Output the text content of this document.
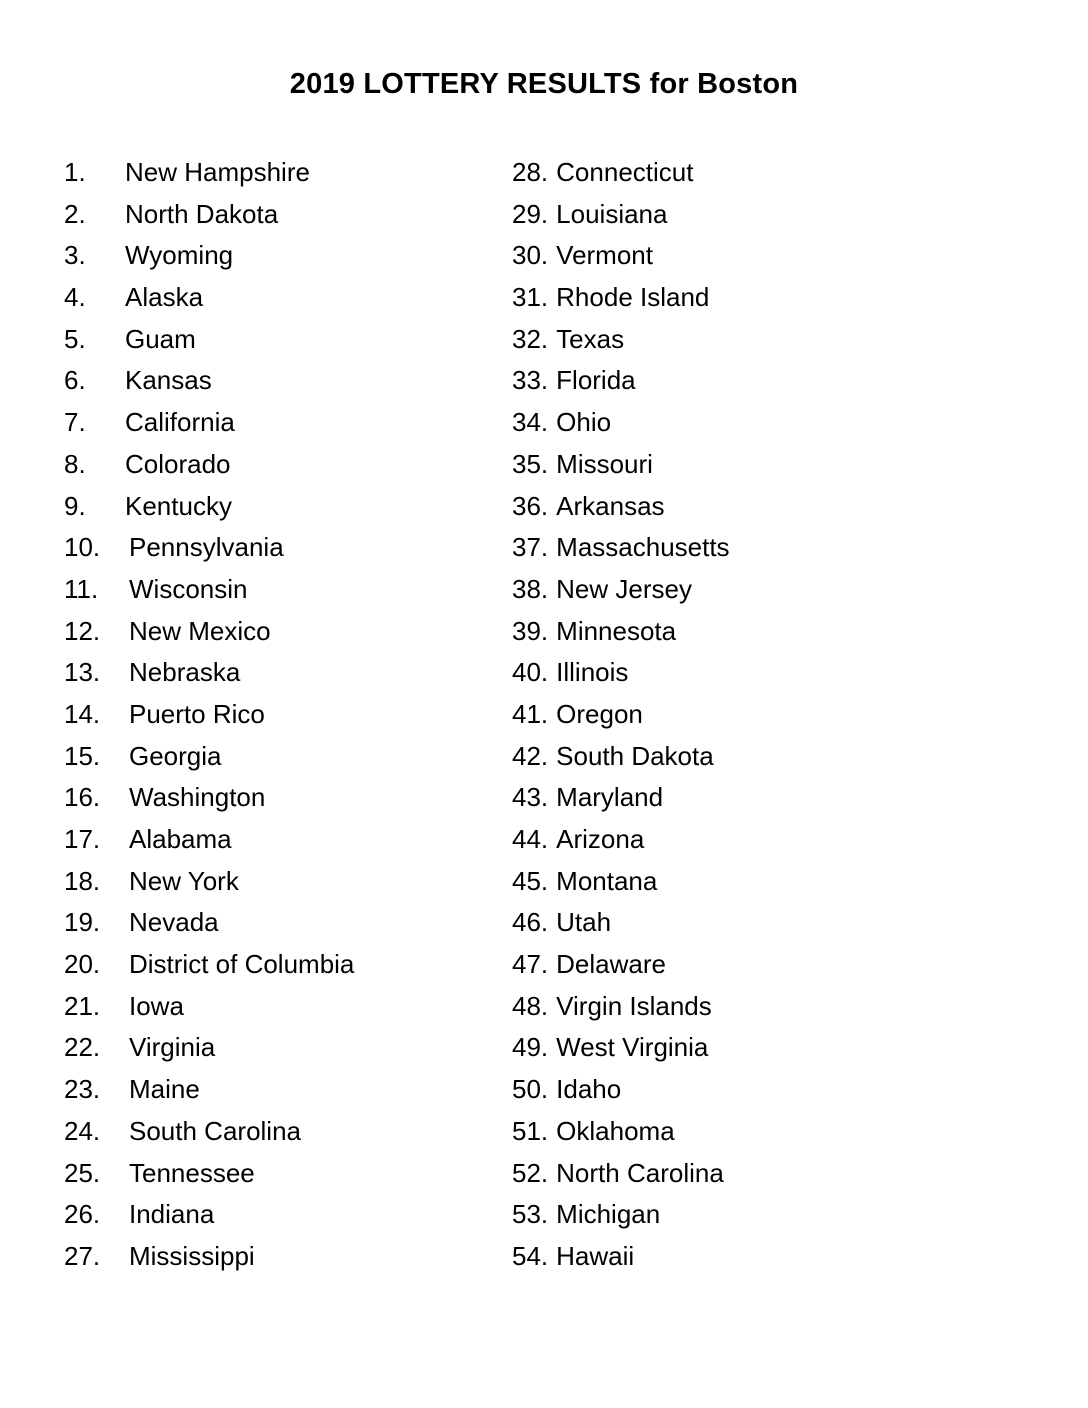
2019 LOTTERY RESULTS for Boston
1.	New Hampshire
2.	North Dakota
3.	Wyoming
4.	Alaska
5.	Guam
6.	Kansas
7.	California
8.	Colorado
9.	Kentucky
10.	Pennsylvania
11.	Wisconsin
12.	New Mexico
13.	Nebraska
14.	Puerto Rico
15.	Georgia
16.	Washington
17.	Alabama
18.	New York
19.	Nevada
20.	District of Columbia
21.	Iowa
22.	Virginia
23.	Maine
24.	South Carolina
25.	Tennessee
26.	Indiana
27.	Mississippi
28. Connecticut
29. Louisiana
30. Vermont
31. Rhode Island
32. Texas
33. Florida
34. Ohio
35. Missouri
36. Arkansas
37. Massachusetts
38. New Jersey
39. Minnesota
40. Illinois
41. Oregon
42. South Dakota
43. Maryland
44. Arizona
45. Montana
46. Utah
47. Delaware
48. Virgin Islands
49. West Virginia
50. Idaho
51. Oklahoma
52. North Carolina
53. Michigan
54. Hawaii
